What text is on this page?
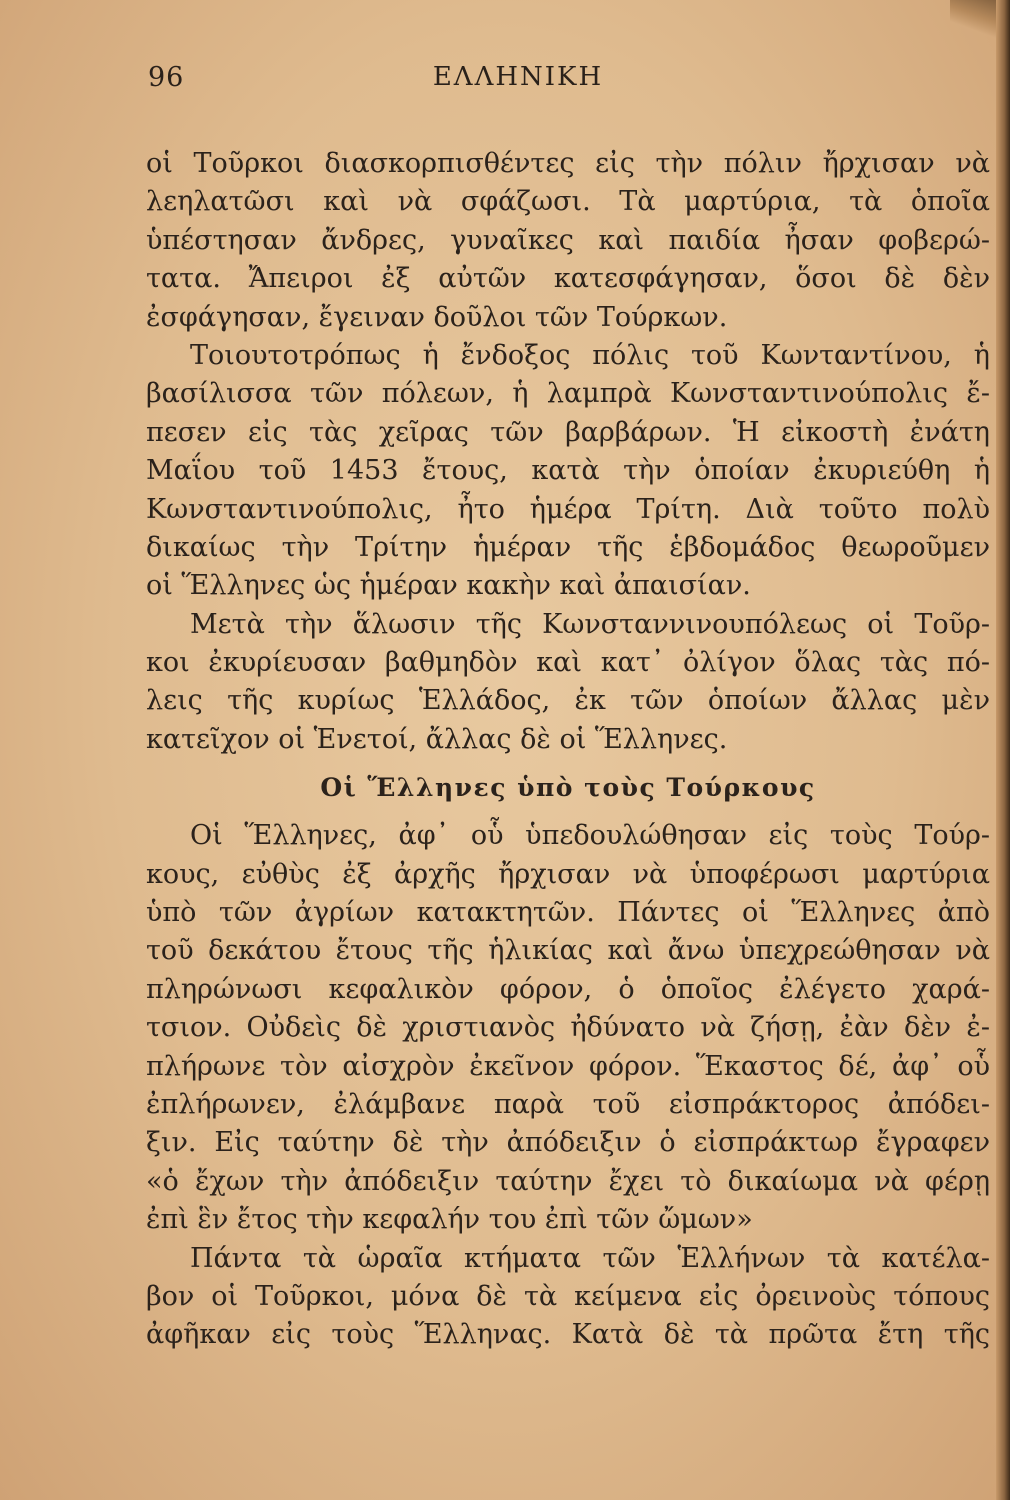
96	ΕΛΛΗΝΙΚΗ
οἱ Τοῦρκοι διασκορπισθέντες εἰς τὴν πόλιν ἤρχισαν νὰ
λεηλατῶσι καὶ νὰ σφάζωσι. Τὰ μαρτύρια, τὰ ὁποῖα
ὑπέστησαν ἄνδρες, γυναῖκες καὶ παιδία ἦσαν φοβερώ-
τατα. Ἄπειροι ἐξ αὐτῶν κατεσφάγησαν, ὅσοι δὲ δὲν
ἐσφάγησαν, ἔγειναν δοῦλοι τῶν Τούρκων.
Τοιουτοτρόπως ἡ ἔνδοξος πόλις τοῦ Κωνταντίνου, ἡ
βασίλισσα τῶν πόλεων, ἡ λαμπρὰ Κωνσταντινούπολις ἔ-
πεσεν εἰς τὰς χεῖρας τῶν βαρβάρων. Ἡ εἰκοστὴ ἐνάτη
Μαΐου τοῦ 1453 ἔτους, κατὰ τὴν ὁποίαν ἐκυριεύθη ἡ
Κωνσταντινούπολις, ἦτο ἡμέρα Τρίτη. Διὰ τοῦτο πολὺ
δικαίως τὴν Τρίτην ἡμέραν τῆς ἑβδομάδος θεωροῦμεν
οἱ Ἕλληνες ὡς ἡμέραν κακὴν καὶ ἀπαισίαν.
Μετὰ τὴν ἅλωσιν τῆς Κωνσταννινουπόλεως οἱ Τοῦρ-
κοι ἐκυρίευσαν βαθμηδὸν καὶ κατ᾽ ὀλίγον ὅλας τὰς πό-
λεις τῆς κυρίως Ἑλλάδος, ἐκ τῶν ὁποίων ἄλλας μὲν
κατεῖχον οἱ Ἑνετοί, ἄλλας δὲ οἱ Ἕλληνες.
Οἱ Ἕλληνες ὑπὸ τοὺς Τούρκους
Οἱ Ἕλληνες, ἀφ᾽ οὗ ὑπεδουλώθησαν εἰς τοὺς Τούρ-
κους, εὐθὺς ἐξ ἀρχῆς ἤρχισαν νὰ ὑποφέρωσι μαρτύρια
ὑπὸ τῶν ἀγρίων κατακτητῶν. Πάντες οἱ Ἕλληνες ἀπὸ
τοῦ δεκάτου ἔτους τῆς ἡλικίας καὶ ἄνω ὑπεχρεώθησαν νὰ
πληρώνωσι κεφαλικὸν φόρον, ὁ ὁποῖος ἐλέγετο χαρά-
τσιον. Οὐδεὶς δὲ χριστιανὸς ἠδύνατο νὰ ζήσῃ, ἐὰν δὲν ἐ-
πλήρωνε τὸν αἰσχρὸν ἐκεῖνον φόρον. Ἕκαστος δέ, ἀφ᾽ οὗ
ἐπλήρωνεν, ἐλάμβανε παρὰ τοῦ εἰσπράκτορος ἀπόδει-
ξιν. Εἰς ταύτην δὲ τὴν ἀπόδειξιν ὁ εἰσπράκτωρ ἔγραφεν
«ὁ ἔχων τὴν ἀπόδειξιν ταύτην ἔχει τὸ δικαίωμα νὰ φέρῃ
ἐπὶ ἓν ἔτος τὴν κεφαλήν του ἐπὶ τῶν ὤμων»
Πάντα τὰ ὡραῖα κτήματα τῶν Ἑλλήνων τὰ κατέλα-
βον οἱ Τοῦρκοι, μόνα δὲ τὰ κείμενα εἰς ὀρεινοὺς τόπους
ἀφῆκαν εἰς τοὺς Ἕλληνας. Κατὰ δὲ τὰ πρῶτα ἔτη τῆς
